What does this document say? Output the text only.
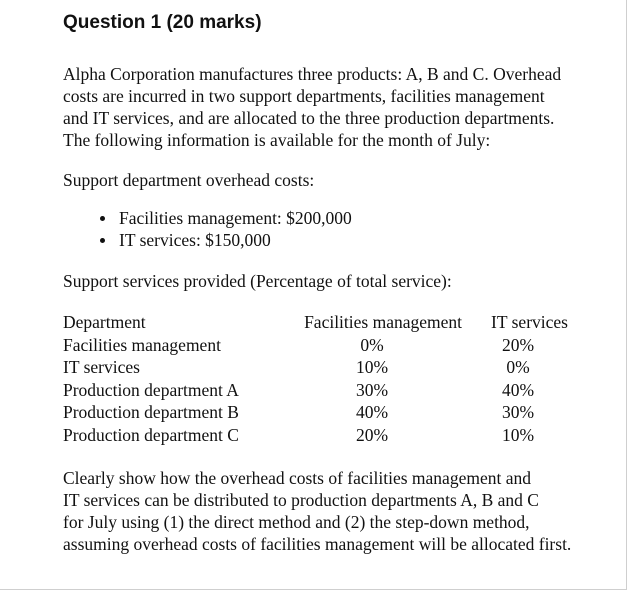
Question 1 (20 marks)

Alpha Corporation manufactures three products: A, B and C. Overhead
costs are incurred in two support departments, facilities management
and IT services, and are allocated to the three production departments.
The following information is available for the month of July:

Support department overhead costs:

Facilities management: $200,000
IT services: $150,000

Support services provided (Percentage of total service):

Department	Facilities management	IT services
Facilities management	0%	20%
IT services	10%	0%
Production department A	30%	40%
Production department B	40%	30%
Production department C	20%	10%

Clearly show how the overhead costs of facilities management and
IT services can be distributed to production departments A, B and C
for July using (1) the direct method and (2) the step-down method,
assuming overhead costs of facilities management will be allocated first.
